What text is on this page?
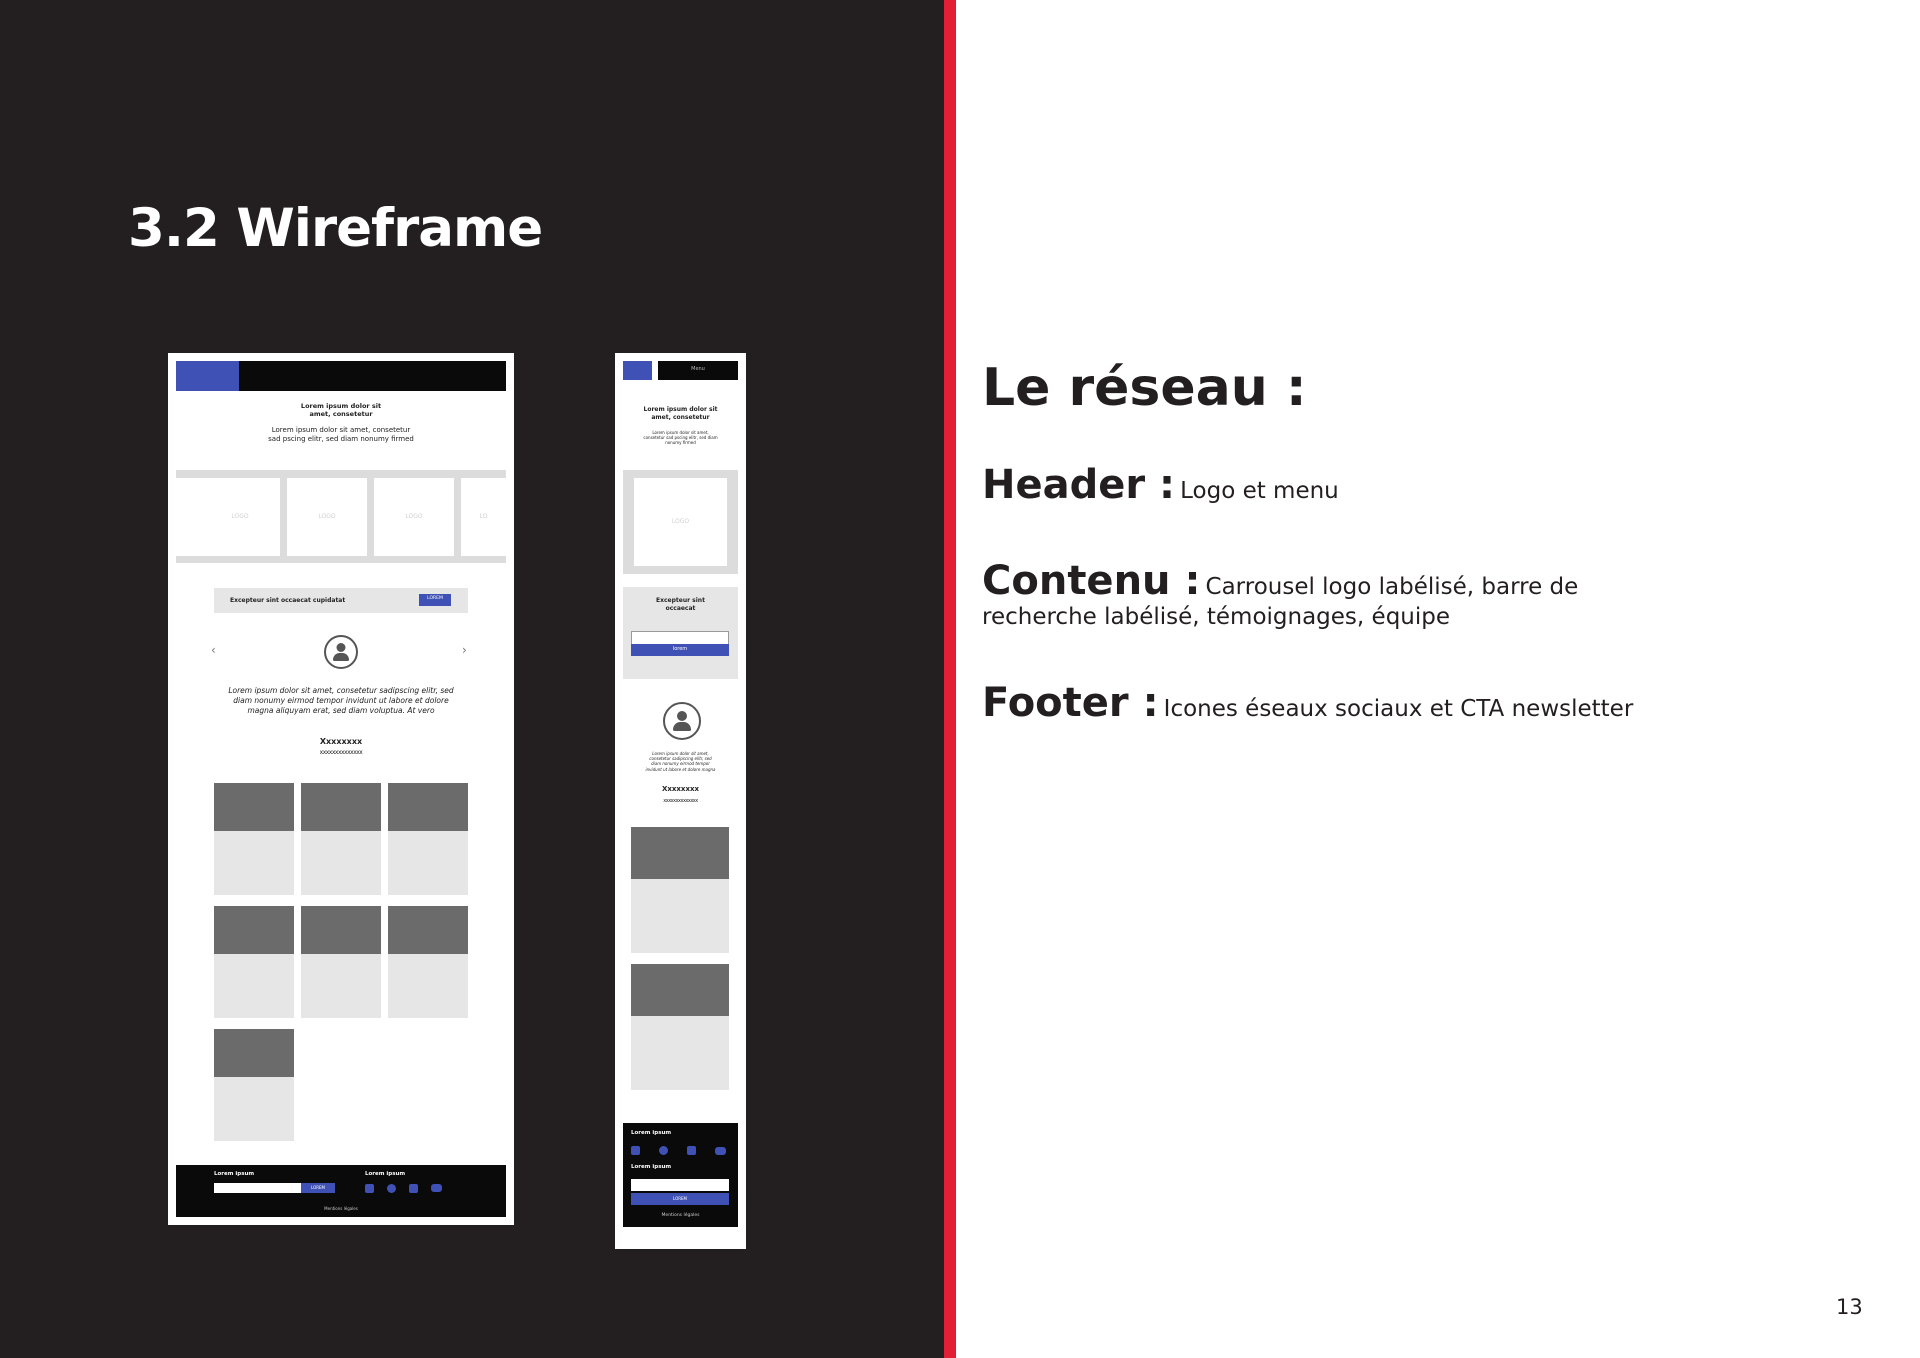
3.2 Wireframe
Lorem ipsum dolor sit
amet, consetetur
Lorem ipsum dolor sit amet, consetetur
sad pscing elitr, sed diam nonumy firmed
LOGO	LOGO	LOGO	LO
Excepteur sint occaecat cupidatat	LOREM
‹	›
Lorem ipsum dolor sit amet, consetetur sadipscing elitr, sed
diam nonumy eirmod tempor invidunt ut labore et dolore
magna aliquyam erat, sed diam voluptua. At vero
Xxxxxxxx
xxxxxxxxxxxxxx
Lorem ipsum	Lorem ipsum
LOREM
Mentions légales
Menu
Lorem ipsum dolor sit
amet, consetetur
Lorem ipsum dolor sit amet,
consetetur sad pscing elitr, sed diam
nonumy firmed
LOGO
Excepteur sint
occaecat
lorem
Lorem ipsum dolor sit amet,
consetetur sadipscing elitr, sed
diam nonumy eirmod tempor
invidunt ut labore et dolore magna
Xxxxxxxx
xxxxxxxxxxxxxx
Lorem ipsum
Lorem ipsum
LOREM
Mentions légales
Le réseau :
Header : Logo et menu
Contenu : Carrousel logo labélisé, barre de
recherche labélisé, témoignages, équipe
Footer : Icones éseaux sociaux et CTA newsletter
13
